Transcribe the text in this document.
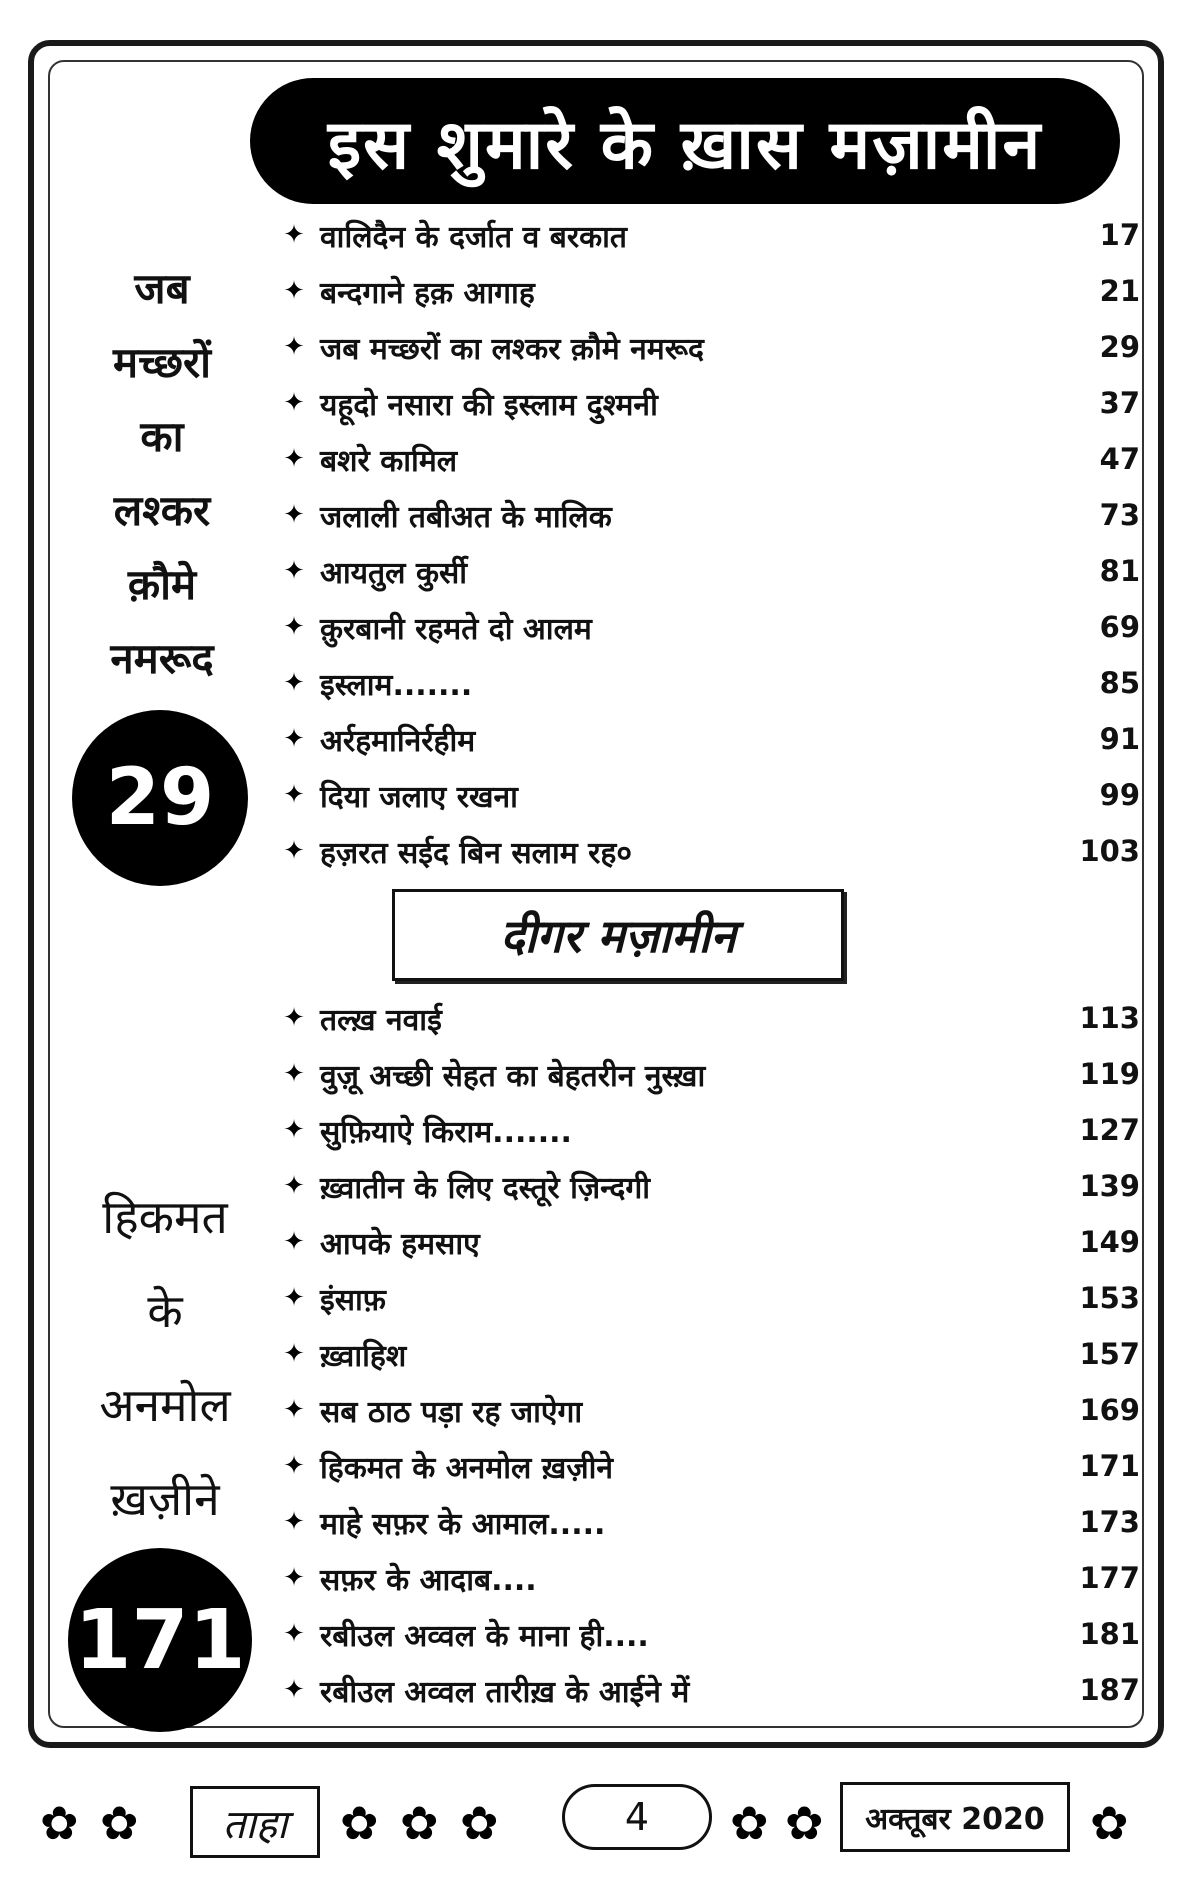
इस शुमारे के ख़ास मज़ामीन
✦ वालिदैन के दर्जात व बरकात	17
✦ बन्दगाने हक़ आगाह	21
✦ जब मच्छरों का लश्कर क़ौमे नमरूद	29
✦ यहूदो नसारा की इस्लाम दुश्मनी	37
✦ बशरे कामिल	47
✦ जलाली तबीअत के मालिक	73
✦ आयतुल कुर्सी	81
✦ क़ुरबानी रहमते दो आलम	69
✦ इस्लाम.......	85
✦ अर्रहमानिर्रहीम	91
✦ दिया जलाए रखना	99
✦ हज़रत सईद बिन सलाम रह०	103
दीगर मज़ामीन
✦ तल्ख़ नवाई	113
✦ वुज़ू अच्छी सेहत का बेहतरीन नुस्ख़ा	119
✦ सुफ़ियाऐ किराम.......	127
✦ ख़्वातीन के लिए दस्तूरे ज़िन्दगी	139
✦ आपके हमसाए	149
✦ इंसाफ़	153
✦ ख़्वाहिश	157
✦ सब ठाठ पड़ा रह जाऐगा	169
✦ हिकमत के अनमोल ख़ज़ीने	171
✦ माहे सफ़र के आमाल.....	173
✦ सफ़र के आदाब....	177
✦ रबीउल अव्वल के माना ही....	181
✦ रबीउल अव्वल तारीख़ के आईने में	187
जब
मच्छरों
का
लश्कर
क़ौमे
नमरूद
29
हिकमत
के
अनमोल
ख़ज़ीने
171
✿ ✿	ताहा	✿ ✿ ✿	4	✿ ✿	अक्तूबर 2020 ✿
